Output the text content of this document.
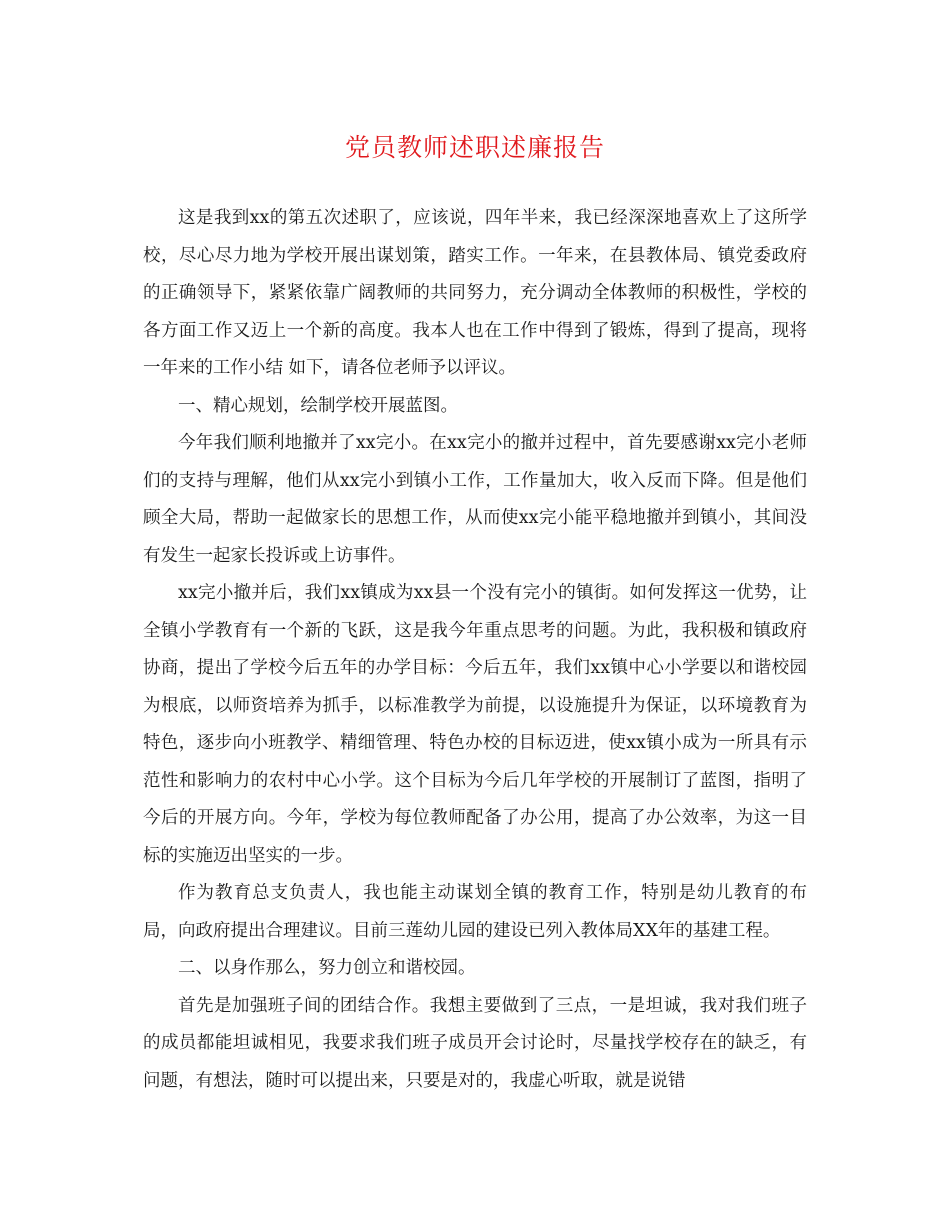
党员教师述职述廉报告

这是我到xx的第五次述职了，应该说，四年半来，我已经深深地喜欢上了这所学校，尽心尽力地为学校开展出谋划策，踏实工作。一年来，在县教体局、镇党委政府的正确领导下，紧紧依靠广阔教师的共同努力，充分调动全体教师的积极性，学校的各方面工作又迈上一个新的高度。我本人也在工作中得到了锻炼，得到了提高，现将一年来的工作小结 如下，请各位老师予以评议。

一、精心规划，绘制学校开展蓝图。

今年我们顺利地撤并了xx完小。在xx完小的撤并过程中，首先要感谢xx完小老师们的支持与理解，他们从xx完小到镇小工作，工作量加大，收入反而下降。但是他们顾全大局，帮助一起做家长的思想工作，从而使xx完小能平稳地撤并到镇小，其间没有发生一起家长投诉或上访事件。

xx完小撤并后，我们xx镇成为xx县一个没有完小的镇街。如何发挥这一优势，让全镇小学教育有一个新的飞跃，这是我今年重点思考的问题。为此，我积极和镇政府协商，提出了学校今后五年的办学目标：今后五年，我们xx镇中心小学要以和谐校园为根底，以师资培养为抓手，以标准教学为前提，以设施提升为保证，以环境教育为特色，逐步向小班教学、精细管理、特色办校的目标迈进，使xx镇小成为一所具有示范性和影响力的农村中心小学。这个目标为今后几年学校的开展制订了蓝图，指明了今后的开展方向。今年，学校为每位教师配备了办公用，提高了办公效率，为这一目标的实施迈出坚实的一步。

作为教育总支负责人，我也能主动谋划全镇的教育工作，特别是幼儿教育的布局，向政府提出合理建议。目前三莲幼儿园的建设已列入教体局XX年的基建工程。

二、以身作那么，努力创立和谐校园。

首先是加强班子间的团结合作。我想主要做到了三点，一是坦诚，我对我们班子的成员都能坦诚相见，我要求我们班子成员开会讨论时，尽量找学校存在的缺乏，有问题，有想法，随时可以提出来，只要是对的，我虚心听取，就是说错
